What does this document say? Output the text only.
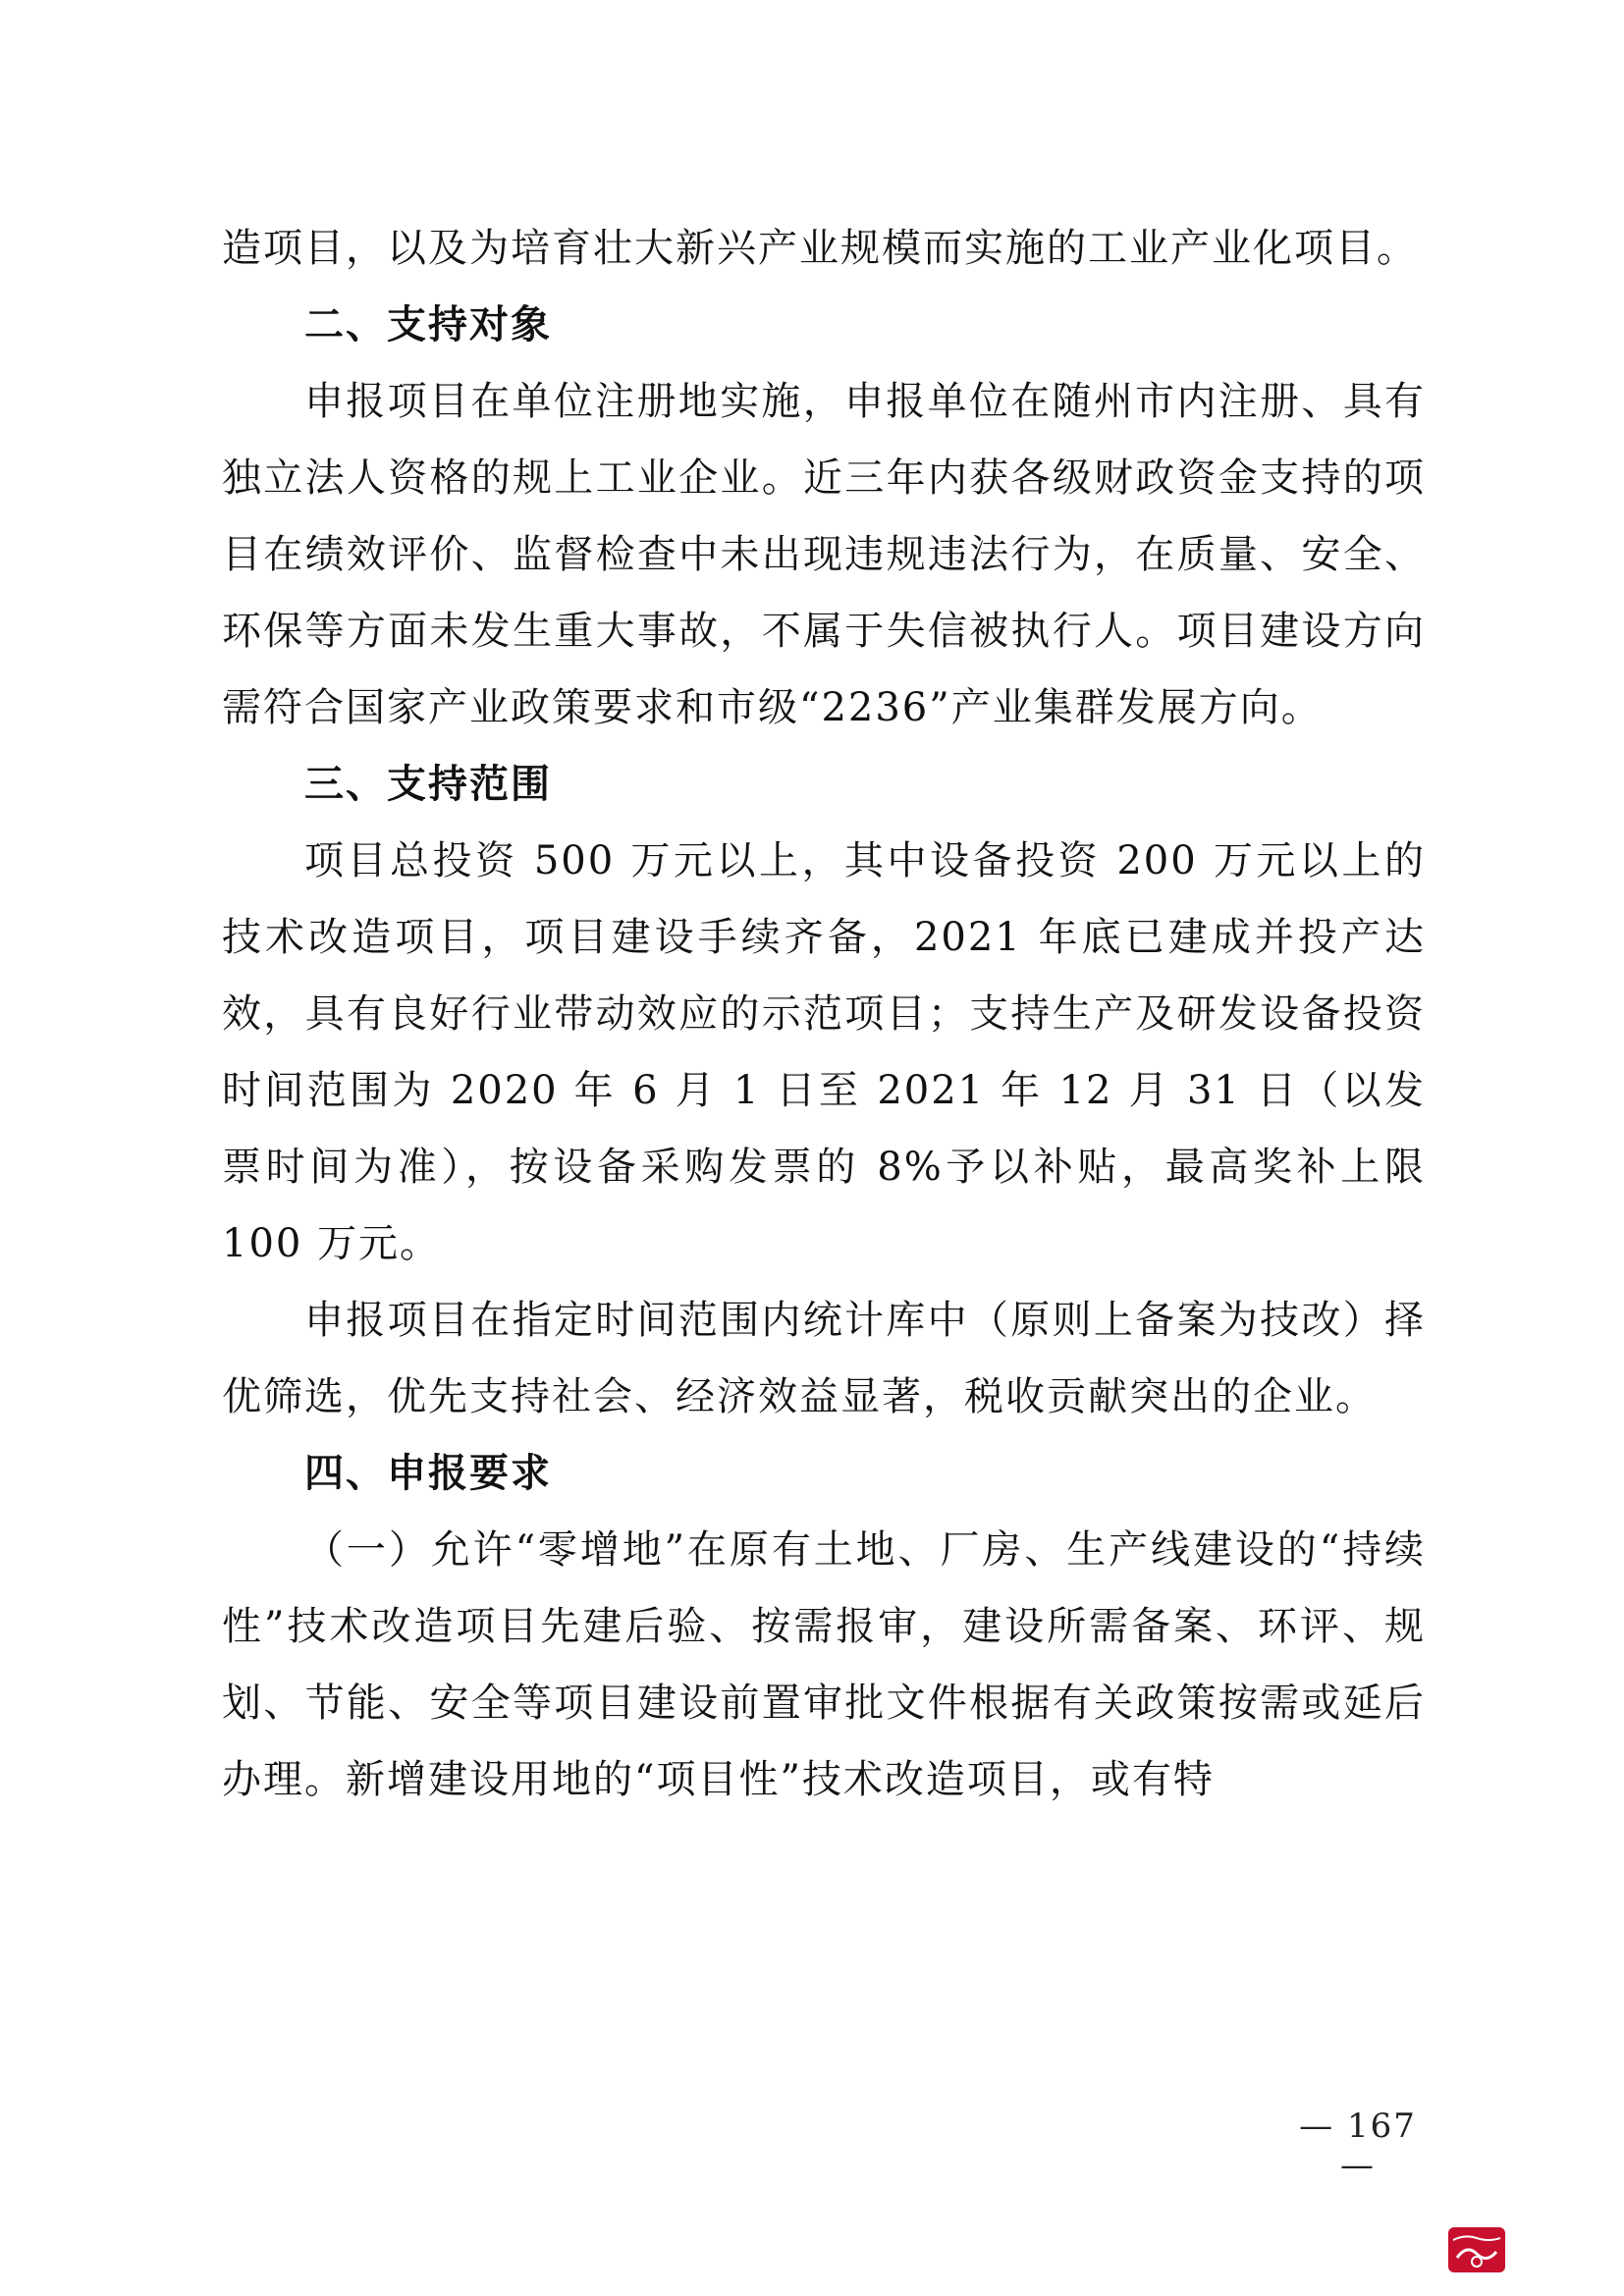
造项目，以及为培育壮大新兴产业规模而实施的工业产业化项目。

二、支持对象

申报项目在单位注册地实施，申报单位在随州市内注册、具有独立法人资格的规上工业企业。近三年内获各级财政资金支持的项目在绩效评价、监督检查中未出现违规违法行为，在质量、安全、环保等方面未发生重大事故，不属于失信被执行人。项目建设方向需符合国家产业政策要求和市级“2236”产业集群发展方向。

三、支持范围

项目总投资 500 万元以上，其中设备投资 200 万元以上的技术改造项目，项目建设手续齐备，2021 年底已建成并投产达效，具有良好行业带动效应的示范项目；支持生产及研发设备投资时间范围为 2020 年 6 月 1 日至 2021 年 12 月 31 日（以发票时间为准），按设备采购发票的 8%予以补贴，最高奖补上限 100 万元。

申报项目在指定时间范围内统计库中（原则上备案为技改）择优筛选，优先支持社会、经济效益显著，税收贡献突出的企业。

四、申报要求

（一）允许“零增地”在原有土地、厂房、生产线建设的“持续性”技术改造项目先建后验、按需报审，建设所需备案、环评、规划、节能、安全等项目建设前置审批文件根据有关政策按需或延后办理。新增建设用地的“项目性”技术改造项目，或有特

— 167 —
